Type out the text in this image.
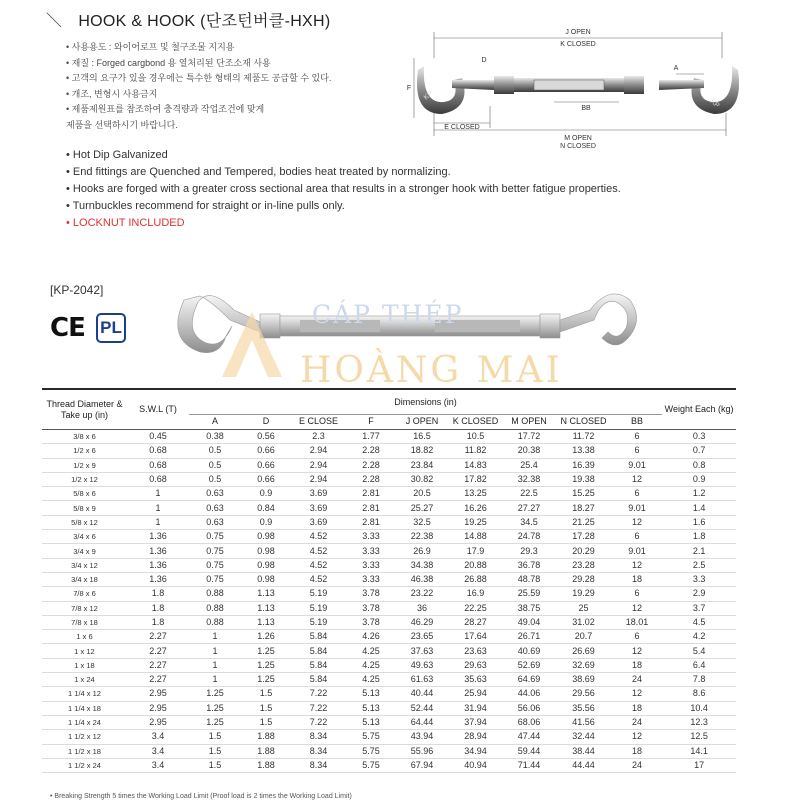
＼ HOOK & HOOK (단조턴버클-HXH)
• 사용용도 : 와이어로프 및 철구조물 지지용
• 재질 : Forged cargbond 용 열처리된 단조소재 사용
• 고객의 요구가 있을 경우에는 특수한 형태의 제품도 공급할 수 있다.
• 개조, 변형시 사용금지
• 제품제원표를 참조하여 충격량과 작업조건에 맞게
제품을 선택하시기 바랍니다.
• Hot Dip Galvanized
• End fittings are Quenched and Tempered, bodies heat treated by normalizing.
• Hooks are forged with a greater cross sectional area that results in a stronger hook with better fatigue properties.
• Turnbuckles recommend for straight or in-line pulls only.
• LOCKNUT INCLUDED
KP
KP
J OPEN
K CLOSED
E CLOSED
M OPEN
N CLOSED
BB
D
A
F
[KP-2042]
CE PL	CÁP THÉP
HOÀNG MAI
Thread Diameter & Take up (in)	S.W.L (T)	Dimensions (in)									Weight Each (kg)
		A	D	E CLOSE	F	J OPEN	K CLOSED	M OPEN	N CLOSED	BB	
3/8 x 6	0.45	0.38	0.56	2.3	1.77	16.5	10.5	17.72	11.72	6	0.3
1/2 x 6	0.68	0.5	0.66	2.94	2.28	18.82	11.82	20.38	13.38	6	0.7
1/2 x 9	0.68	0.5	0.66	2.94	2.28	23.84	14.83	25.4	16.39	9.01	0.8
1/2 x 12	0.68	0.5	0.66	2.94	2.28	30.82	17.82	32.38	19.38	12	0.9
5/8 x 6	1	0.63	0.9	3.69	2.81	20.5	13.25	22.5	15.25	6	1.2
5/8 x 9	1	0.63	0.84	3.69	2.81	25.27	16.26	27.27	18.27	9.01	1.4
5/8 x 12	1	0.63	0.9	3.69	2.81	32.5	19.25	34.5	21.25	12	1.6
3/4 x 6	1.36	0.75	0.98	4.52	3.33	22.38	14.88	24.78	17.28	6	1.8
3/4 x 9	1.36	0.75	0.98	4.52	3.33	26.9	17.9	29.3	20.29	9.01	2.1
3/4 x 12	1.36	0.75	0.98	4.52	3.33	34.38	20.88	36.78	23.28	12	2.5
3/4 x 18	1.36	0.75	0.98	4.52	3.33	46.38	26.88	48.78	29.28	18	3.3
7/8 x 6	1.8	0.88	1.13	5.19	3.78	23.22	16.9	25.59	19.29	6	2.9
7/8 x 12	1.8	0.88	1.13	5.19	3.78	36	22.25	38.75	25	12	3.7
7/8 x 18	1.8	0.88	1.13	5.19	3.78	46.29	28.27	49.04	31.02	18.01	4.5
1 x 6	2.27	1	1.26	5.84	4.26	23.65	17.64	26.71	20.7	6	4.2
1 x 12	2.27	1	1.25	5.84	4.25	37.63	23.63	40.69	26.69	12	5.4
1 x 18	2.27	1	1.25	5.84	4.25	49.63	29.63	52.69	32.69	18	6.4
1 x 24	2.27	1	1.25	5.84	4.25	61.63	35.63	64.69	38.69	24	7.8
1 1/4 x 12	2.95	1.25	1.5	7.22	5.13	40.44	25.94	44.06	29.56	12	8.6
1 1/4 x 18	2.95	1.25	1.5	7.22	5.13	52.44	31.94	56.06	35.56	18	10.4
1 1/4 x 24	2.95	1.25	1.5	7.22	5.13	64.44	37.94	68.06	41.56	24	12.3
1 1/2 x 12	3.4	1.5	1.88	8.34	5.75	43.94	28.94	47.44	32.44	12	12.5
1 1/2 x 18	3.4	1.5	1.88	8.34	5.75	55.96	34.94	59.44	38.44	18	14.1
1 1/2 x 24	3.4	1.5	1.88	8.34	5.75	67.94	40.94	71.44	44.44	24	17
• Breaking Strength 5 times the Working Load Limit (Proof load is 2 times the Working Load Limit)
